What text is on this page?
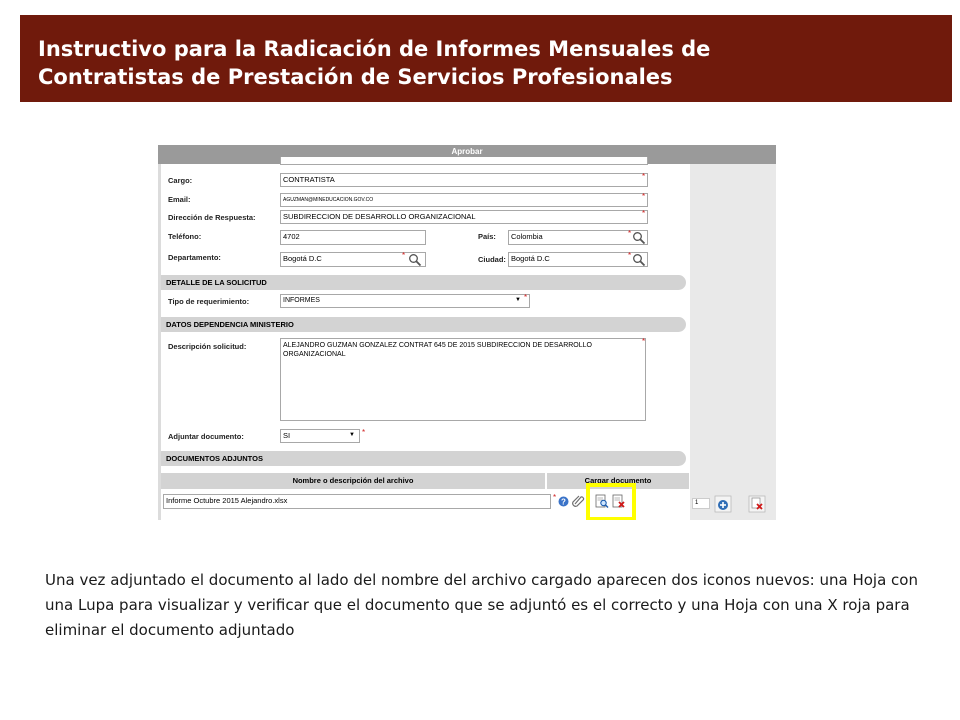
Instructivo para la Radicación de Informes Mensuales de
Contratistas de Prestación de Servicios Profesionales
Aprobar
Cargo:	CONTRATISTA	*
Email:	AGUZMAN@MINEDUCACION.GOV.CO	*
Dirección de Respuesta:	SUBDIRECCION DE DESARROLLO ORGANIZACIONAL	*
Teléfono:	4702	País:	Colombia	*
Departamento:	Bogotá D.C	*	Ciudad: Bogotá D.C	*
DETALLE DE LA SOLICITUD
Tipo de requerimiento:	INFORMES	▼ *
DATOS DEPENDENCIA MINISTERIO
Descripción solicitud:	ALEJANDRO GUZMAN GONZALEZ CONTRAT 645 DE 2015 SUBDIRECCION DE DESARROLLO ORGANIZACIONAL
*
Adjuntar documento:	SI	▼ *
DOCUMENTOS ADJUNTOS
Nombre o descripción del archivo	Cargar documento
Informe Octubre 2015 Alejandro.xlsx	* ?	1

Una vez adjuntado el documento al lado del nombre del archivo cargado aparecen dos iconos nuevos: una Hoja con una Lupa para visualizar y verificar que el documento que se adjuntó es el correcto y una Hoja con una X roja para eliminar el documento adjuntado
